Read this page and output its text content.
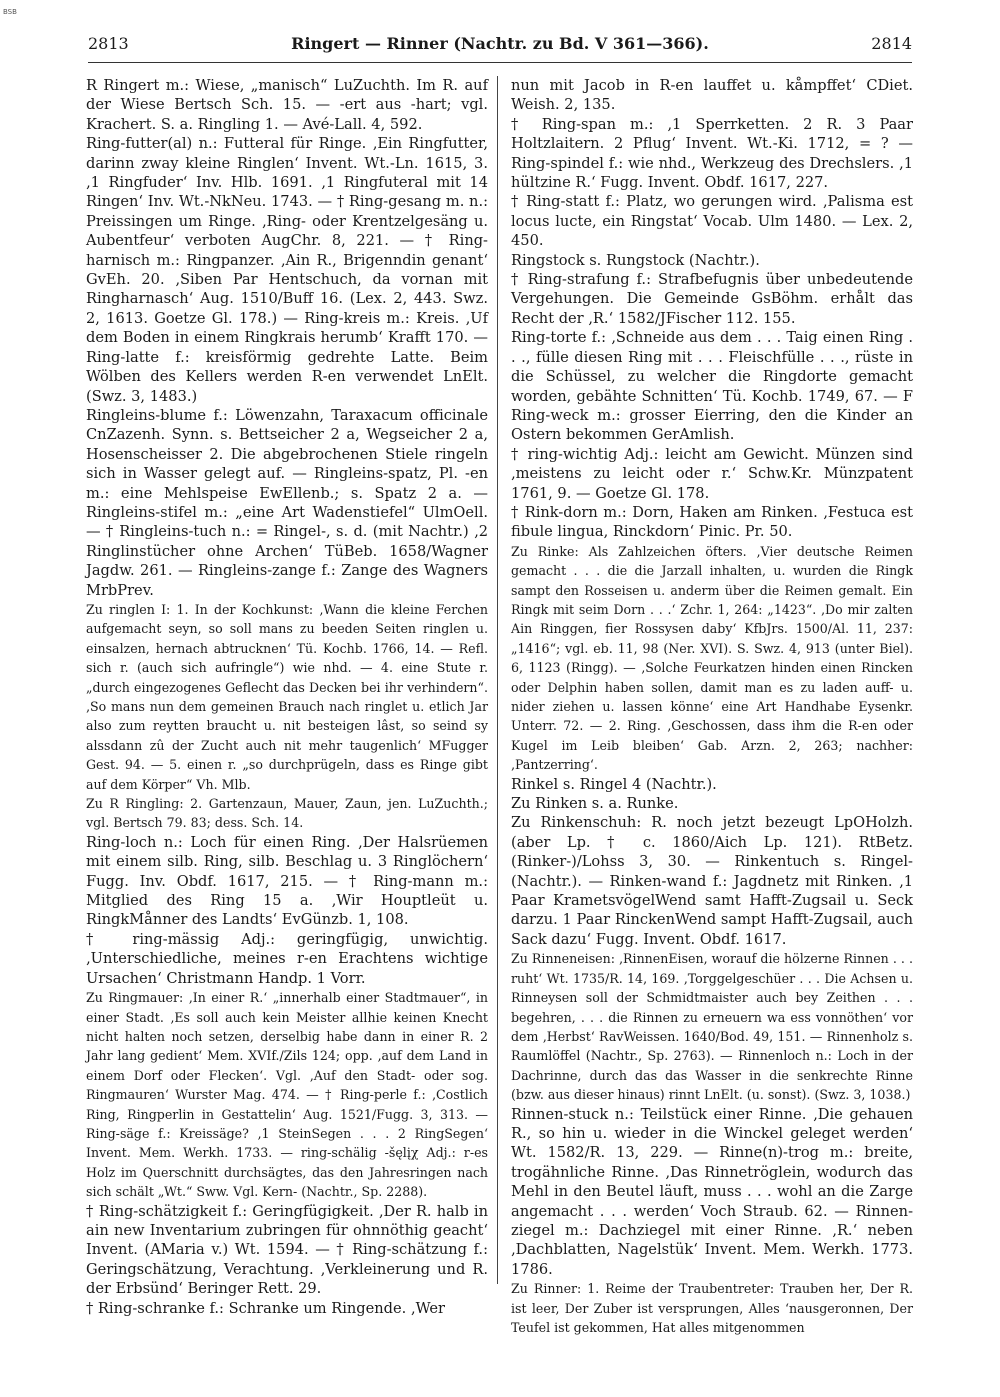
BSB
2813	Ringert — Rinner (Nachtr. zu Bd. V 361—366).	2814

R Ringert m.: Wiese, „manisch“ LuZuchth. Im R. auf der Wiese Bertsch Sch. 15. — -ert aus -hart; vgl. Krachert. S. a. Ringling 1. — Avé-Lall. 4, 592.

Ring-futter(al) n.: Futteral für Ringe. ‚Ein Ringfutter, darinn zway kleine Ringlen‘ Invent. Wt.-Ln. 1615, 3. ‚1 Ringfuder‘ Inv. Hlb. 1691. ‚1 Ringfuteral mit 14 Ringen‘ Inv. Wt.-NkNeu. 1743. — † Ring-gesang m. n.: Preissingen um Ringe. ‚Ring- oder Krentzelgesäng u. Aubentfeur‘ verboten AugChr. 8, 221. — † Ring-harnisch m.: Ringpanzer. ‚Ain R., Brigenndin genant‘ GvEh. 20. ‚Siben Par Hentschuch, da vornan mit Ringharnasch‘ Aug. 1510/Buff 16. (Lex. 2, 443. Swz. 2, 1613. Goetze Gl. 178.) — Ring-kreis m.: Kreis. ‚Uf dem Boden in einem Ringkrais herumb‘ Krafft 170. — Ring-latte f.: kreisförmig gedrehte Latte. Beim Wölben des Kellers werden R-en verwendet LnElt. (Swz. 3, 1483.)

Ringleins-blume f.: Löwenzahn, Taraxacum officinale CnZazenh. Synn. s. Bettseicher 2 a, Wegseicher 2 a, Hosenscheisser 2. Die abgebrochenen Stiele ringeln sich in Wasser gelegt auf. — Ringleins-spatz, Pl. -en m.: eine Mehlspeise EwEllenb.; s. Spatz 2 a. — Ringleins-stifel m.: „eine Art Wadenstiefel“ UlmOell. — † Ringleins-tuch n.: = Ringel-, s. d. (mit Nachtr.) ‚2 Ringlinstücher ohne Archen‘ TüBeb. 1658/Wagner Jagdw. 261. — Ringleins-zange f.: Zange des Wagners MrbPrev.

Zu ringlen I: 1. In der Kochkunst: ‚Wann die kleine Ferchen aufgemacht seyn, so soll mans zu beeden Seiten ringlen u. einsalzen, hernach abtrucknen‘ Tü. Kochb. 1766, 14. — Refl. sich r. (auch sich aufringle“) wie nhd. — 4. eine Stute r. „durch eingezogenes Geflecht das Decken bei ihr verhindern“. ‚So mans nun dem gemeinen Brauch nach ringlet u. etlich Jar also zum reytten braucht u. nit besteigen lâst, so seind sy alssdann zû der Zucht auch nit mehr taugenlich‘ MFugger Gest. 94. — 5. einen r. „so durchprügeln, dass es Ringe gibt auf dem Körper“ Vh. Mlb.

Zu R Ringling: 2. Gartenzaun, Mauer, Zaun, jen. LuZuchth.; vgl. Bertsch 79. 83; dess. Sch. 14.

Ring-loch n.: Loch für einen Ring. ‚Der Halsrüemen mit einem silb. Ring, silb. Beschlag u. 3 Ringlöchern‘ Fugg. Inv. Obdf. 1617, 215. — † Ring-mann m.: Mitglied des Ring 15 a. ‚Wir Houptleüt u. RingkMånner des Landts‘ EvGünzb. 1, 108.

† ring-mässig Adj.: geringfügig, unwichtig. ‚Unterschiedliche, meines r-en Erachtens wichtige Ursachen‘ Christmann Handp. 1 Vorr.

Zu Ringmauer: ‚In einer R.‘ „innerhalb einer Stadtmauer“, in einer Stadt. ‚Es soll auch kein Meister allhie keinen Knecht nicht halten noch setzen, derselbig habe dann in einer R. 2 Jahr lang gedient‘ Mem. XVIf./Zils 124; opp. ‚auf dem Land in einem Dorf oder Flecken‘. Vgl. ‚Auf den Stadt- oder sog. Ringmauren‘ Wurster Mag. 474. — † Ring-perle f.: ‚Costlich Ring, Ringperlin in Gestattelin‘ Aug. 1521/Fugg. 3, 313. — Ring-säge f.: Kreissäge? ‚1 SteinSegen . . . 2 RingSegen‘ Invent. Mem. Werkh. 1733. — ring-schälig -šęlįχ Adj.: r-es Holz im Querschnitt durchsägtes, das den Jahresringen nach sich schält „Wt.“ Sww. Vgl. Kern- (Nachtr., Sp. 2288).

† Ring-schätzigkeit f.: Geringfügigkeit. ‚Der R. halb in ain new Inventarium zubringen für ohnnöthig geacht‘ Invent. (AMaria v.) Wt. 1594. — † Ring-schätzung f.: Geringschätzung, Verachtung. ‚Verkleinerung und R. der Erbsünd‘ Beringer Rett. 29.

† Ring-schranke f.: Schranke um Ringende. ‚Wer

nun mit Jacob in R-en lauffet u. kåmpffet‘ CDiet. Weish. 2, 135.

† Ring-span m.: ‚1 Sperrketten. 2 R. 3 Paar Holtzlaitern. 2 Pflug‘ Invent. Wt.-Ki. 1712, = ? — Ring-spindel f.: wie nhd., Werkzeug des Drechslers. ‚1 hültzine R.‘ Fugg. Invent. Obdf. 1617, 227.

† Ring-statt f.: Platz, wo gerungen wird. ‚Palisma est locus lucte, ein Ringstat‘ Vocab. Ulm 1480. — Lex. 2, 450.

Ringstock s. Rungstock (Nachtr.).

† Ring-strafung f.: Strafbefugnis über unbedeutende Vergehungen. Die Gemeinde GsBöhm. erhålt das Recht der ‚R.‘ 1582/JFischer 112. 155.

Ring-torte f.: ‚Schneide aus dem . . . Taig einen Ring . . ., fülle diesen Ring mit . . . Fleischfülle . . ., rüste in die Schüssel, zu welcher die Ringdorte gemacht worden, gebähte Schnitten‘ Tü. Kochb. 1749, 67. — F Ring-weck m.: grosser Eierring, den die Kinder an Ostern bekommen GerAmlish.

† ring-wichtig Adj.: leicht am Gewicht. Münzen sind ‚meistens zu leicht oder r.‘ Schw.Kr. Münzpatent 1761, 9. — Goetze Gl. 178.

† Rink-dorn m.: Dorn, Haken am Rinken. ‚Festuca est fibule lingua, Rinckdorn‘ Pinic. Pr. 50.

Zu Rinke: Als Zahlzeichen öfters. ‚Vier deutsche Reimen gemacht . . . die die Jarzall inhalten, u. wurden die Ringk sampt den Rosseisen u. anderm über die Reimen gemalt. Ein Ringk mit seim Dorn . . .‘ Zchr. 1, 264: „1423“. ‚Do mir zalten Ain Ringgen, fier Rossysen daby‘ KfbJrs. 1500/Al. 11, 237: „1416“; vgl. eb. 11, 98 (Ner. XVI). S. Swz. 4, 913 (unter Biel). 6, 1123 (Ringg). — ‚Solche Feurkatzen hinden einen Rincken oder Delphin haben sollen, damit man es zu laden auff- u. nider ziehen u. lassen könne‘ eine Art Handhabe Eysenkr. Unterr. 72. — 2. Ring. ‚Geschossen, dass ihm die R-en oder Kugel im Leib bleiben‘ Gab. Arzn. 2, 263; nachher: ‚Pantzerring‘.

Rinkel s. Ringel 4 (Nachtr.).

Zu Rinken s. a. Runke.

Zu Rinkenschuh: R. noch jetzt bezeugt LpOHolzh. (aber Lp. † c. 1860/Aich Lp. 121). RtBetz. (Rinker-)/Lohss 3, 30. — Rinkentuch s. Ringel- (Nachtr.). — Rinken-wand f.: Jagdnetz mit Rinken. ‚1 Paar KrametsvögelWend samt Hafft-Zugsail u. Seck darzu. 1 Paar RinckenWend sampt Hafft-Zugsail, auch Sack dazu‘ Fugg. Invent. Obdf. 1617.

Zu Rinneneisen: ‚RinnenEisen, worauf die hölzerne Rinnen . . . ruht‘ Wt. 1735/R. 14, 169. ‚Torggelgeschüer . . . Die Achsen u. Rinneysen soll der Schmidtmaister auch bey Zeithen . . . begehren, . . . die Rinnen zu erneuern wa ess vonnöthen‘ vor dem ‚Herbst‘ RavWeissen. 1640/Bod. 49, 151. — Rinnenholz s. Raumlöffel (Nachtr., Sp. 2763). — Rinnenloch n.: Loch in der Dachrinne, durch das das Wasser in die senkrechte Rinne (bzw. aus dieser hinaus) rinnt LnElt. (u. sonst). (Swz. 3, 1038.)

Rinnen-stuck n.: Teilstück einer Rinne. ‚Die gehauen R., so hin u. wieder in die Winckel geleget werden‘ Wt. 1582/R. 13, 229. — Rinne(n)-trog m.: breite, trogähnliche Rinne. ‚Das Rinnetröglein, wodurch das Mehl in den Beutel läuft, muss . . . wohl an die Zarge angemacht . . . werden‘ Voch Straub. 62. — Rinnen-ziegel m.: Dachziegel mit einer Rinne. ‚R.‘ neben ‚Dachblatten, Nagelstük‘ Invent. Mem. Werkh. 1773. 1786.

Zu Rinner: 1. Reime der Traubentreter: Trauben her, Der R. ist leer, Der Zuber ist versprungen, Alles ‘nausgeronnen, Der Teufel ist gekommen, Hat alles mitgenommen
